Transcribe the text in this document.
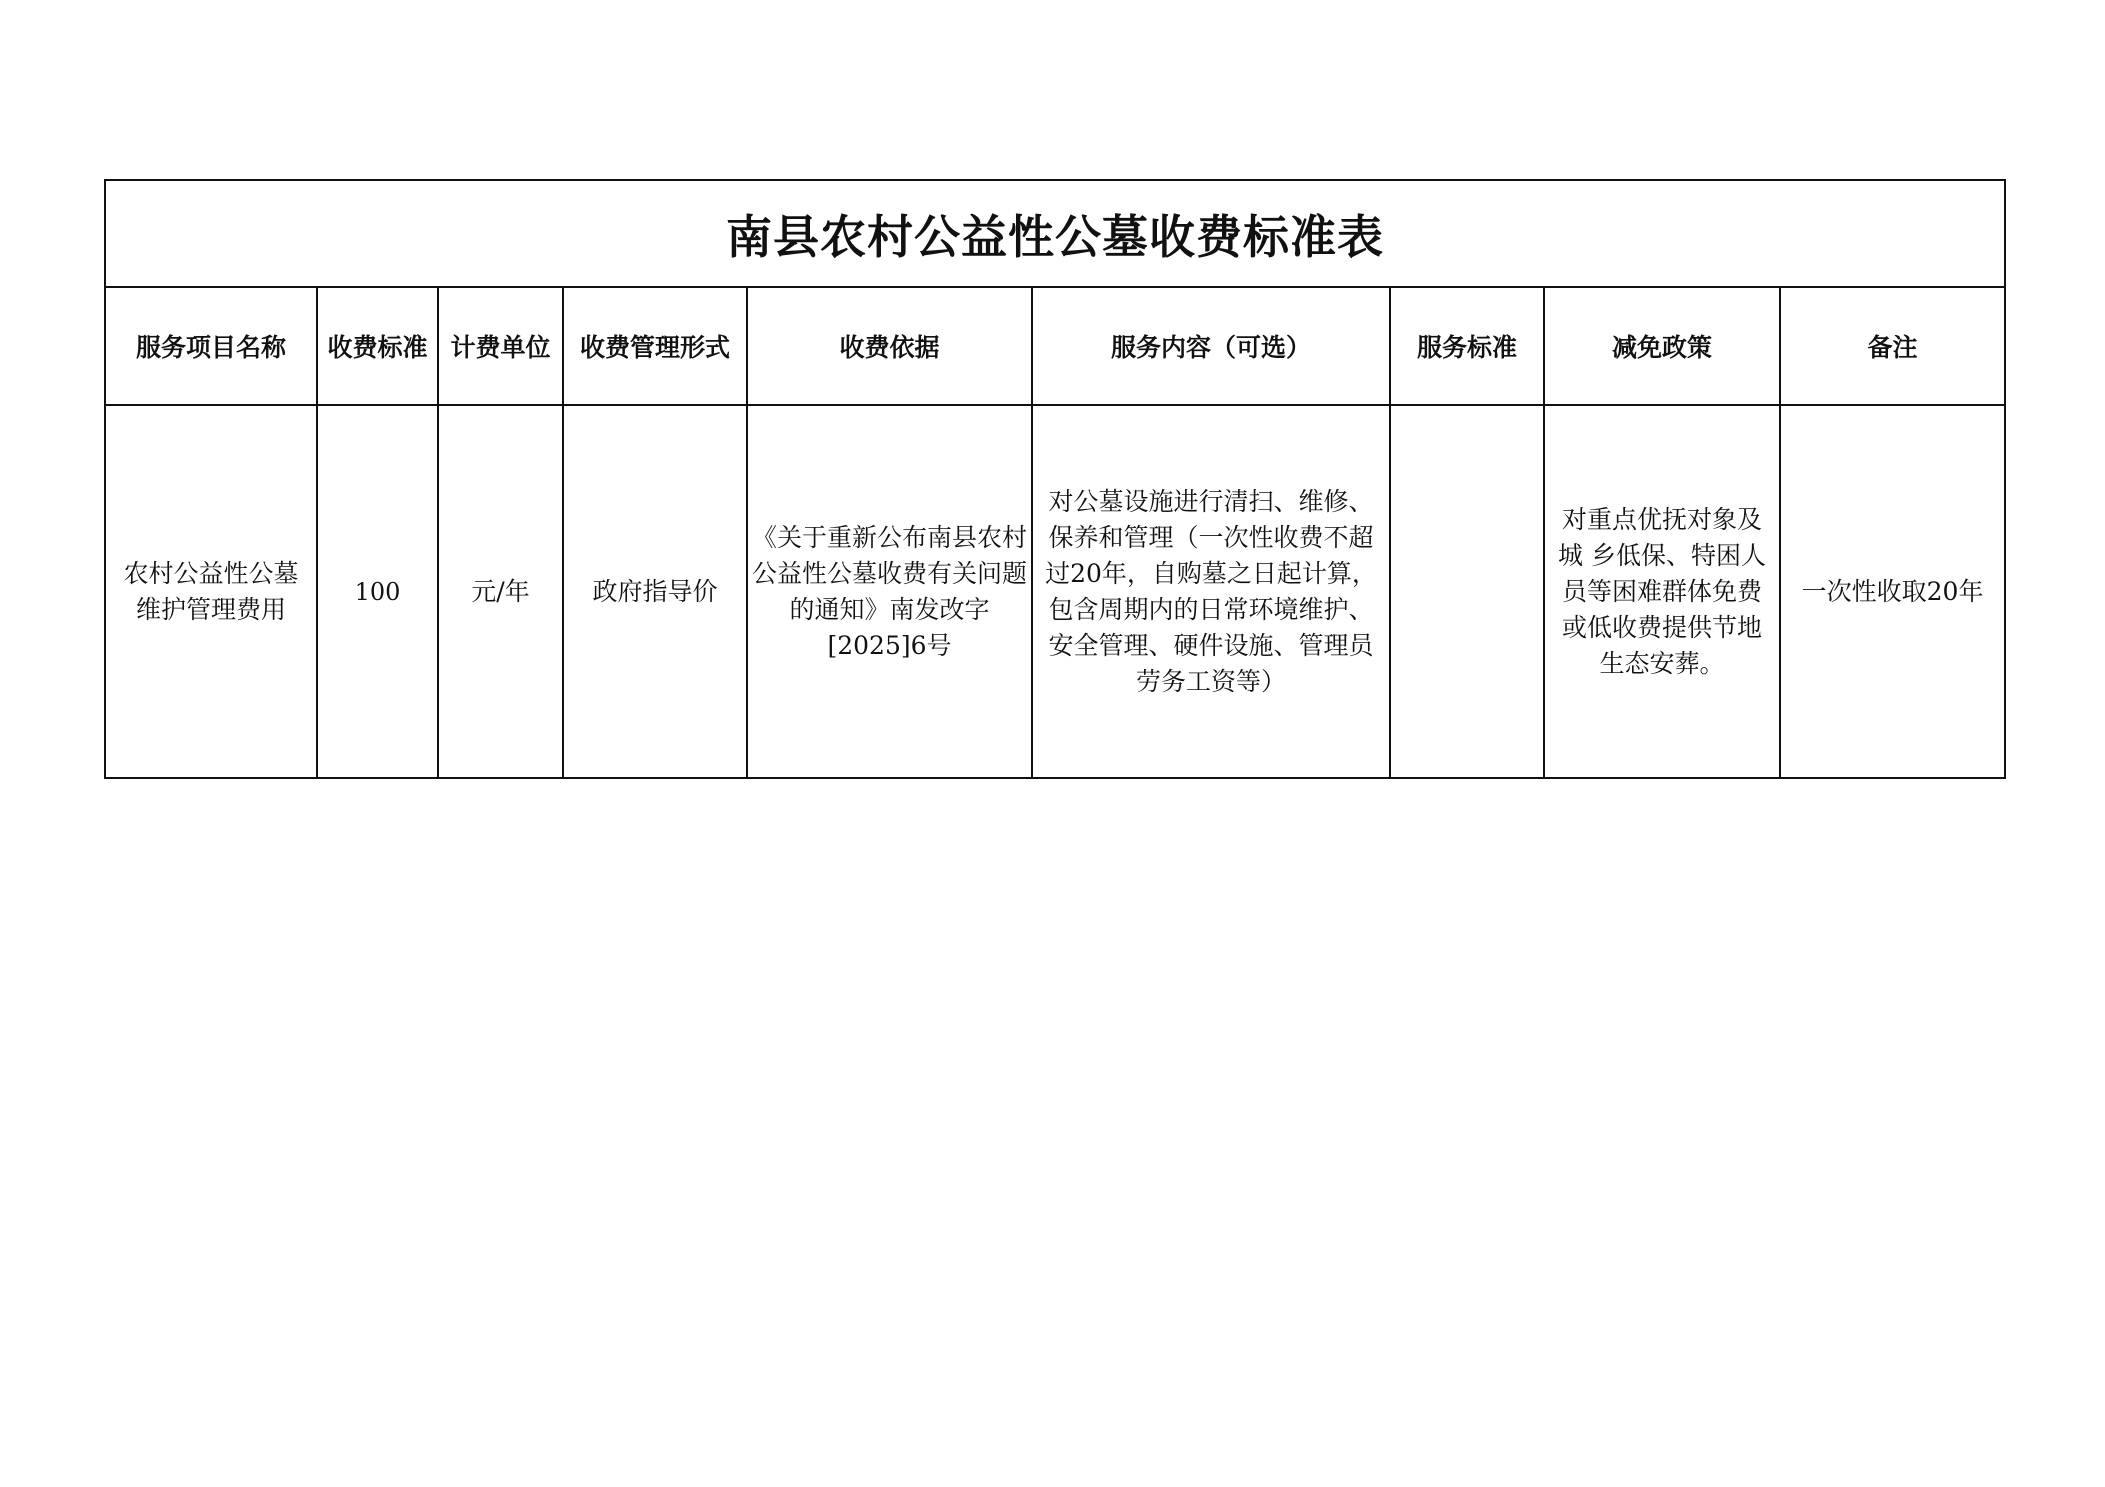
南县农村公益性公墓收费标准表								
服务项目名称	收费标准	计费单位	收费管理形式	收费依据	服务内容（可选）	服务标准	减免政策	备注
农村公益性公墓维护管理费用	100	元/年	政府指导价	《关于重新公布南县农村公益性公墓收费有关问题的通知》南发改字[2025]6号	对公墓设施进行清扫、维修、保养和管理（一次性收费不超过20年，自购墓之日起计算，包含周期内的日常环境维护、安全管理、硬件设施、管理员劳务工资等）		对重点优抚对象及城 乡低保、特困人员等困难群体免费或低收费提供节地生态安葬。	一次性收取20年
